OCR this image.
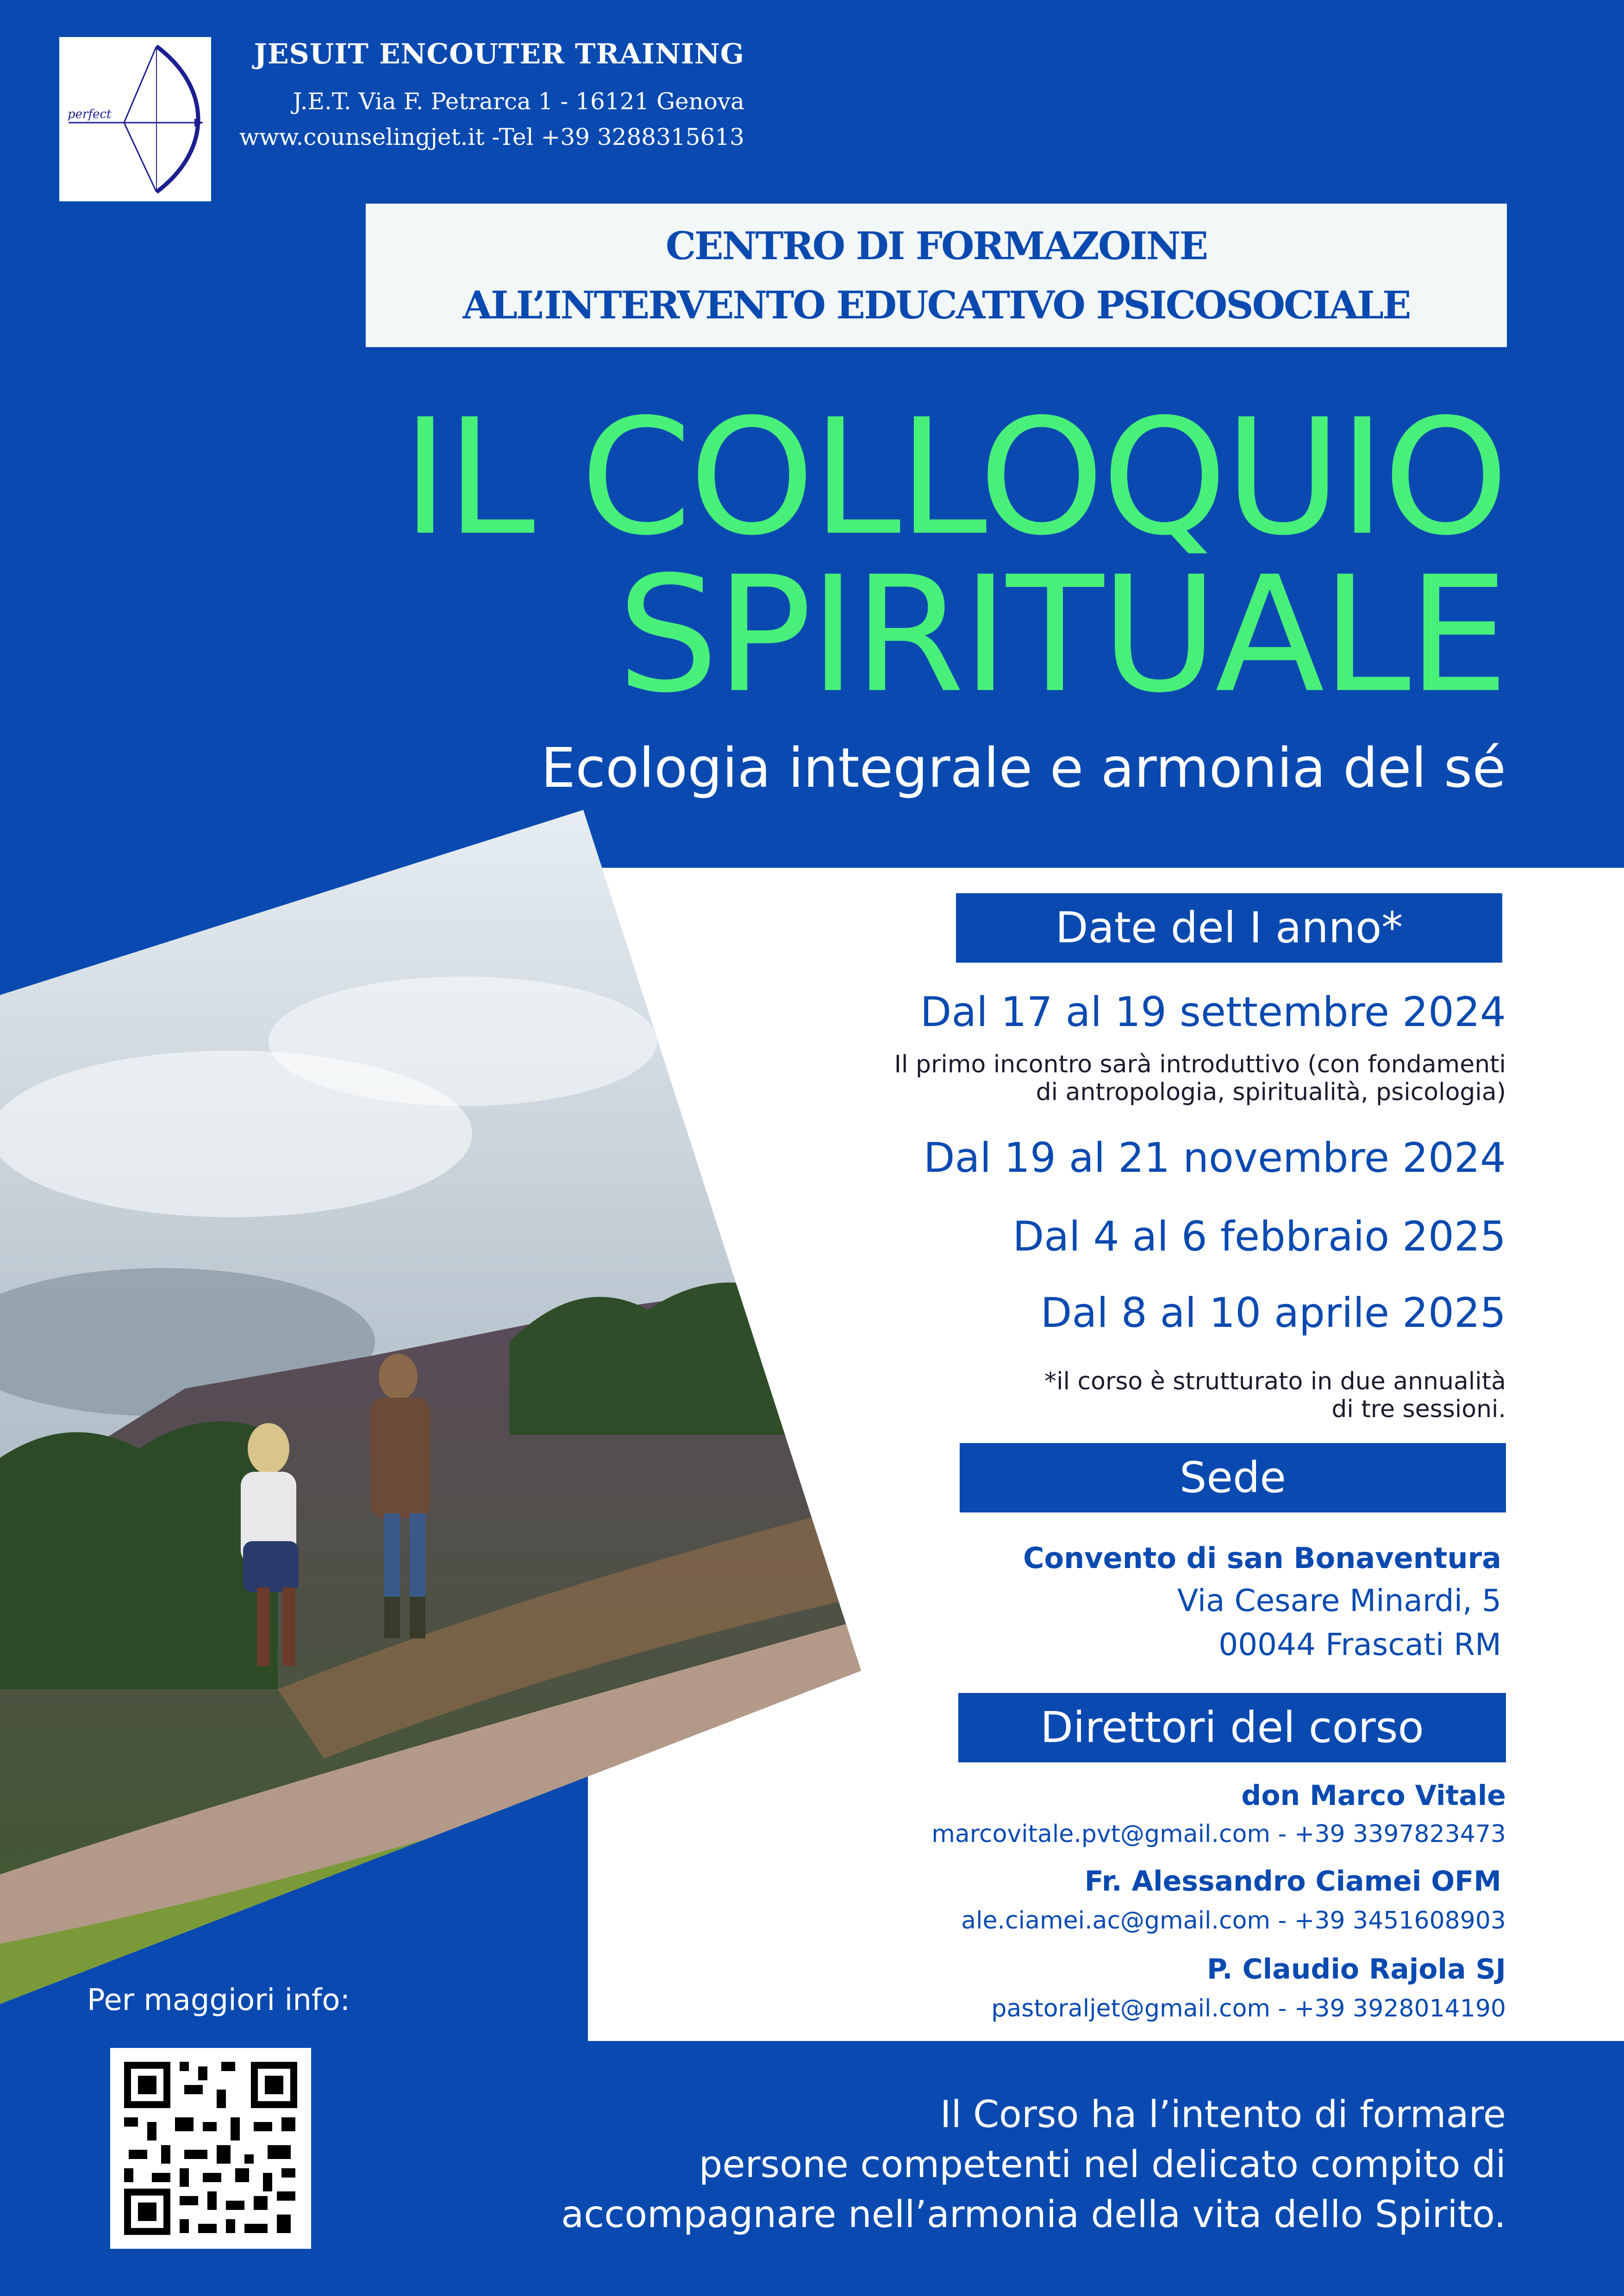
perfect
JESUIT ENCOUTER TRAINING
J.E.T. Via F. Petrarca 1 - 16121 Genova
www.counselingjet.it -Tel +39 3288315613
CENTRO DI FORMAZOINE
ALL’INTERVENTO EDUCATIVO PSICOSOCIALE
IL COLLOQUIO
SPIRITUALE
Ecologia integrale e armonia del sé
Date del I anno*
Dal 17 al 19 settembre 2024
Il primo incontro sarà introduttivo (con fondamenti
di antropologia, spiritualità, psicologia)
Dal 19 al 21 novembre 2024
Dal 4 al 6 febbraio 2025
Dal 8 al 10 aprile 2025
*il corso è strutturato in due annualità
di tre sessioni.
Sede
Convento di san Bonaventura
Via Cesare Minardi, 5
00044 Frascati RM
Direttori del corso
don Marco Vitale
marcovitale.pvt@gmail.com - +39 3397823473
Fr. Alessandro Ciamei OFM
ale.ciamei.ac@gmail.com - +39 3451608903
P. Claudio Rajola SJ
pastoraljet@gmail.com - +39 3928014190
Per maggiori info:
Il Corso ha l’intento di formare
persone competenti nel delicato compito di
accompagnare nell’armonia della vita dello Spirito.
